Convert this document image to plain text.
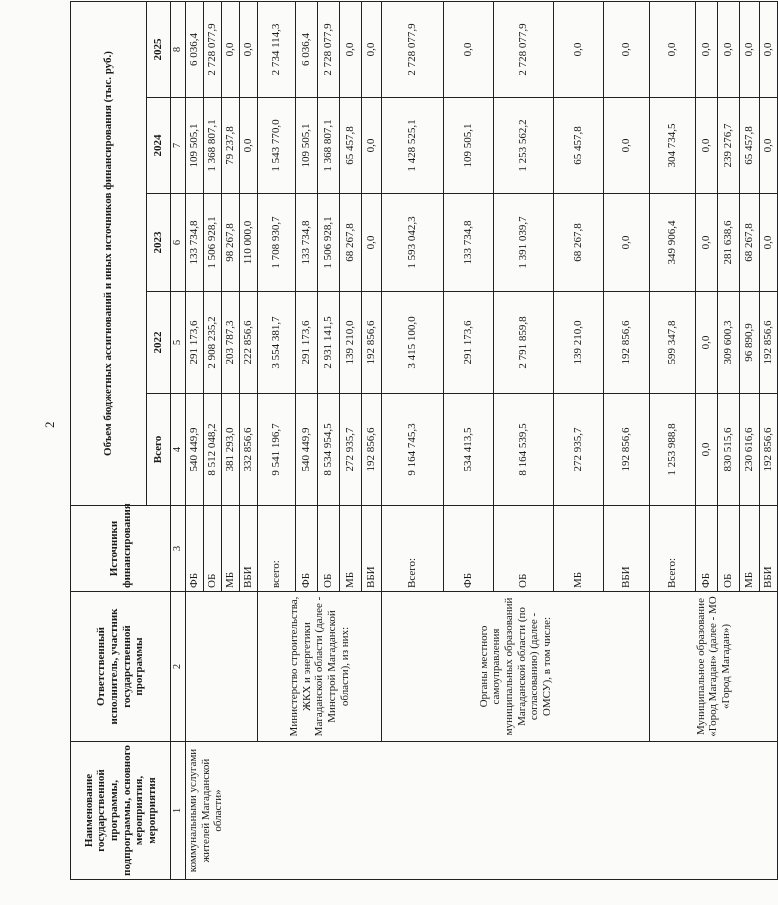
2
Наименование государственной программы, подпрограммы, основного мероприятия, мероприятия	Ответственный исполнитель, участник государственной программы	Источники финансирования	Объем бюджетных ассигнований и иных источников финансирования (тыс. руб.)				
			Всего	2022	2023	2024	2025
1	2	3	4	5	6	7	8
коммунальными услугами жителей Магаданской области»		ФБ	540 449,9	291 173,6	133 734,8	109 505,1	6 036,4
		ОБ	8 512 048,2	2 908 235,2	1 506 928,1	1 368 807,1	2 728 077,9
		МБ	381 293,0	203 787,3	98 267,8	79 237,8	0,0
		ВБИ	332 856,6	222 856,6	110 000,0	0,0	0,0
	Министерство строительства, ЖКХ и энергетики Магаданской области (далее - Минстрой Магаданской области), из них:	всего:	9 541 196,7	3 554 381,7	1 708 930,7	1 543 770,0	2 734 114,3
		ФБ	540 449,9	291 173,6	133 734,8	109 505,1	6 036,4
		ОБ	8 534 954,5	2 931 141,5	1 506 928,1	1 368 807,1	2 728 077,9
		МБ	272 935,7	139 210,0	68 267,8	65 457,8	0,0
		ВБИ	192 856,6	192 856,6	0,0	0,0	0,0
	Органы местного самоуправления муниципальных образований Магаданской области (по согласованию) (далее - ОМСУ), в том числе:	Всего:	9 164 745,3	3 415 100,0	1 593 042,3	1 428 525,1	2 728 077,9
		ФБ	534 413,5	291 173,6	133 734,8	109 505,1	0,0
		ОБ	8 164 539,5	2 791 859,8	1 391 039,7	1 253 562,2	2 728 077,9
		МБ	272 935,7	139 210,0	68 267,8	65 457,8	0,0
		ВБИ	192 856,6	192 856,6	0,0	0,0	0,0
	Муниципальное образование «Город Магадан» (далее - МО «Город Магадан»)	Всего:	1 253 988,8	599 347,8	349 906,4	304 734,5	0,0
		ФБ	0,0	0,0	0,0	0,0	0,0
		ОБ	830 515,6	309 600,3	281 638,6	239 276,7	0,0
		МБ	230 616,6	96 890,9	68 267,8	65 457,8	0,0
		ВБИ	192 856,6	192 856,6	0,0	0,0	0,0
